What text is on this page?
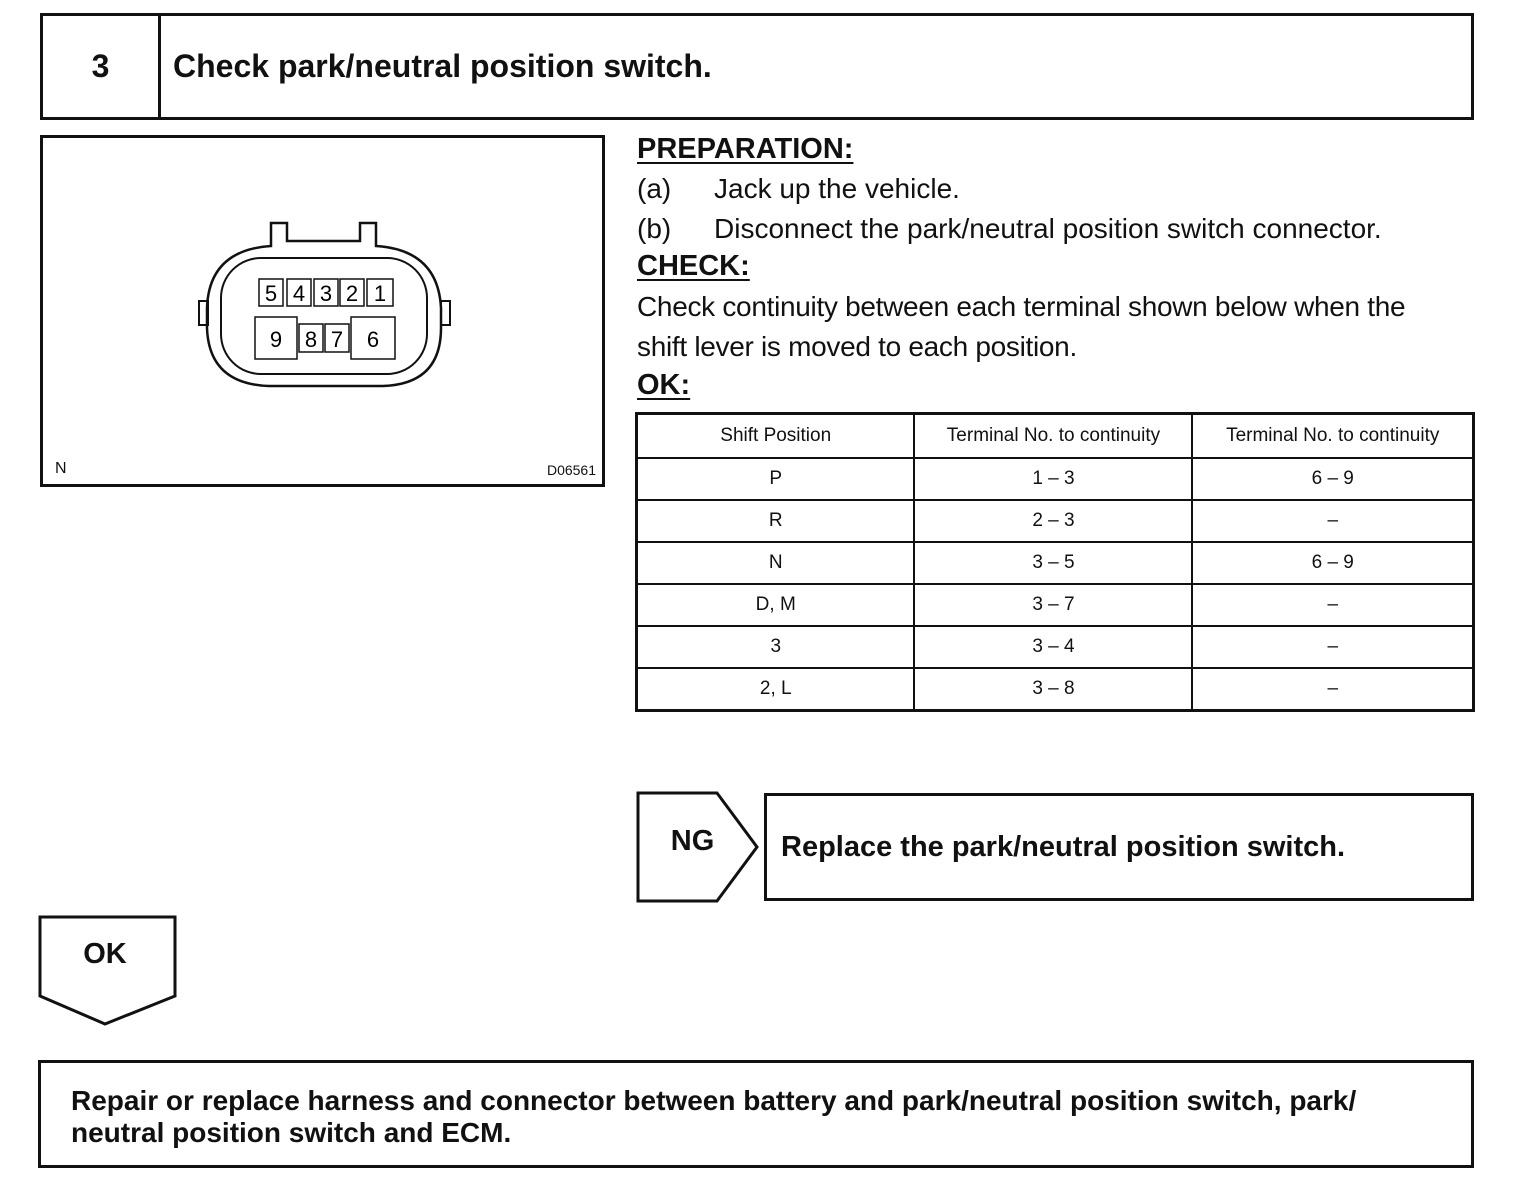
3	Check park/neutral position switch.
5 4 3 2 1
9 8 7 6
N	D06561
PREPARATION:
(a)	Jack up the vehicle.
(b)	Disconnect the park/neutral position switch connector.
CHECK:
Check continuity between each terminal shown below when the
shift lever is moved to each position.
OK:
Shift Position	Terminal No. to continuity	Terminal No. to continuity
P	1 – 3	6 – 9
R	2 – 3	–
N	3 – 5	6 – 9
D, M	3 – 7	–
3	3 – 4	–
2, L	3 – 8	–
NG	Replace the park/neutral position switch.
OK
Repair or replace harness and connector between battery and park/neutral position switch, park/
neutral position switch and ECM.
